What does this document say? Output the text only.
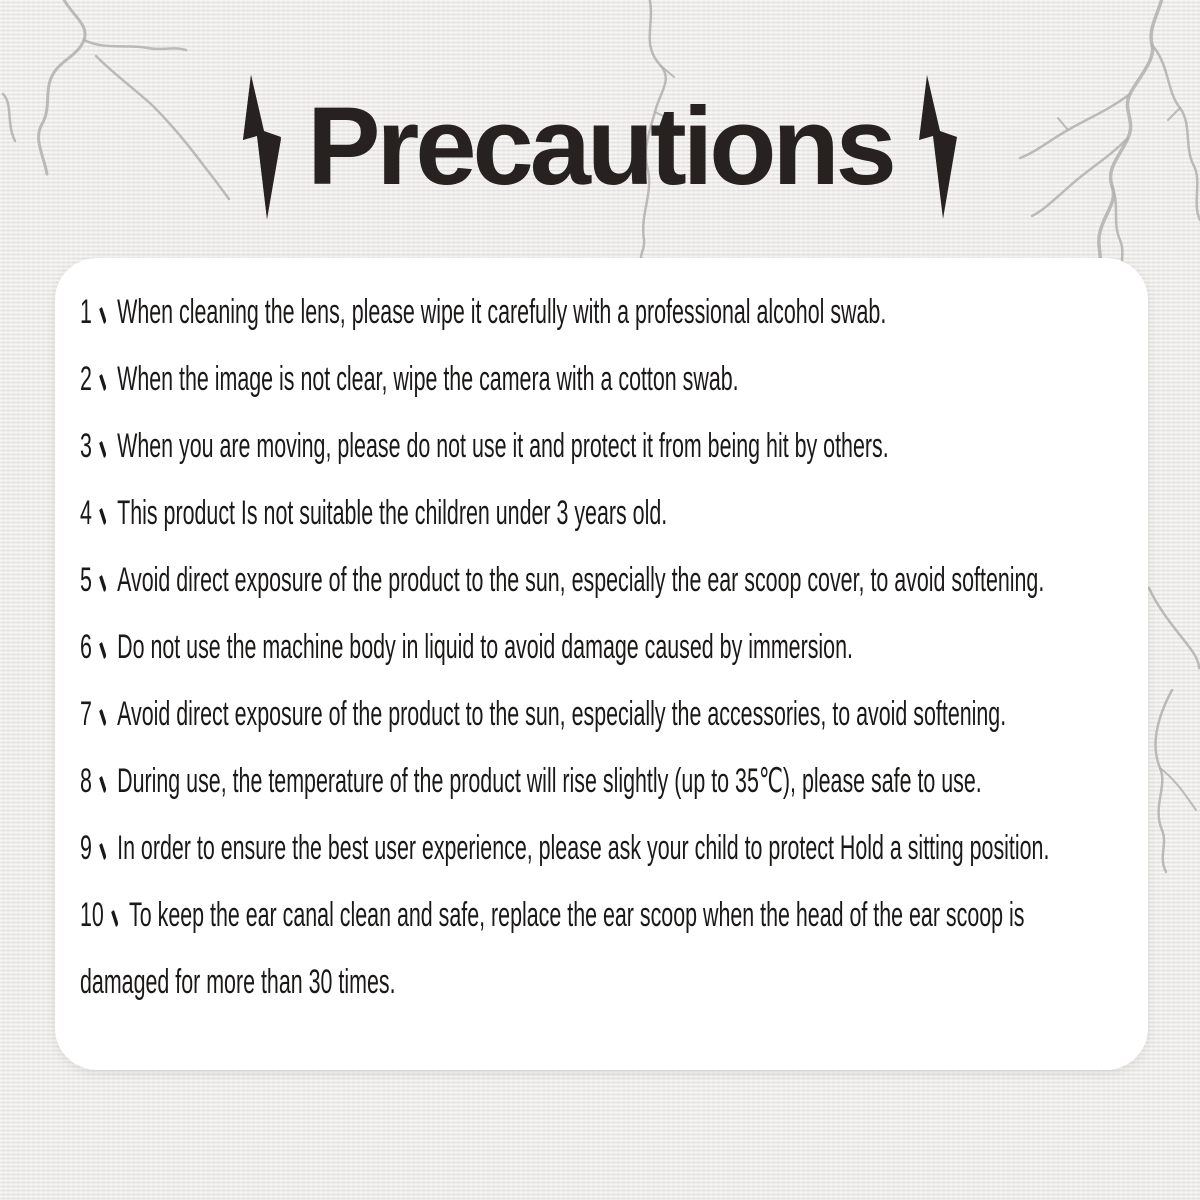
Precautions

1 When cleaning the lens, please wipe it carefully with a professional alcohol swab.

2 When the image is not clear, wipe the camera with a cotton swab.

3 When you are moving, please do not use it and protect it from being hit by others.

4 This product Is not suitable the children under 3 years old.

5 Avoid direct exposure of the product to the sun, especially the ear scoop cover, to avoid softening.

6 Do not use the machine body in liquid to avoid damage caused by immersion.

7 Avoid direct exposure of the product to the sun, especially the accessories, to avoid softening.

8 During use, the temperature of the product will rise slightly (up to 35℃), please safe to use.

9 In order to ensure the best user experience, please ask your child to protect Hold a sitting position.

10 To keep the ear canal clean and safe, replace the ear scoop when the head of the ear scoop is

damaged for more than 30 times.
